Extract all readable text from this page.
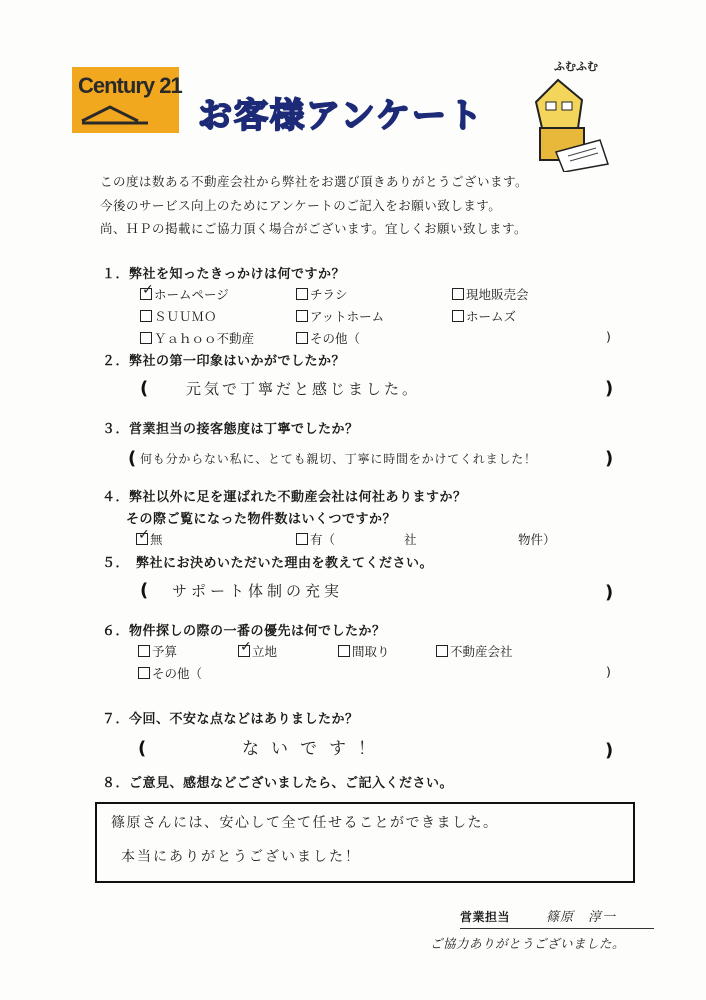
Century 21
お客様アンケート
ふむふむ
この度は数ある不動産会社から弊社をお選び頂きありがとうございます。
今後のサービス向上のためにアンケートのご記入をお願い致します。
尚、ＨＰの掲載にご協力頂く場合がございます。宜しくお願い致します。
１．弊社を知ったきっかけは何ですか？
✓ ホームページ	チラシ	現地販売会
ＳＵＵＭＯ	アットホーム	ホームズ
Ｙａｈｏｏ不動産	その他（	)
２．弊社の第一印象はいかがでしたか？
(	元気で丁寧だと感じました。	)
３．営業担当の接客態度は丁寧でしたか？
( 何も分からない私に、とても親切、丁寧に時間をかけてくれました！	)
４．弊社以外に足を運ばれた不動産会社は何社ありますか？
その際ご覧になった物件数はいくつですか？
✓ 無	有（	社	物件）
５．　弊社にお決めいただいた理由を教えてください。
( サポート体制の充実	)
６．物件探しの際の一番の優先は何でしたか？
予算	✓ 立地	間取り	不動産会社
その他（	)
７．今回、不安な点などはありましたか？
(	ないです！	)
８．ご意見、感想などございましたら、ご記入ください。
篠原さんには、安心して全て任せることができました。
本当にありがとうございました！
営業担当	篠原　淳一
ご協力ありがとうございました。
